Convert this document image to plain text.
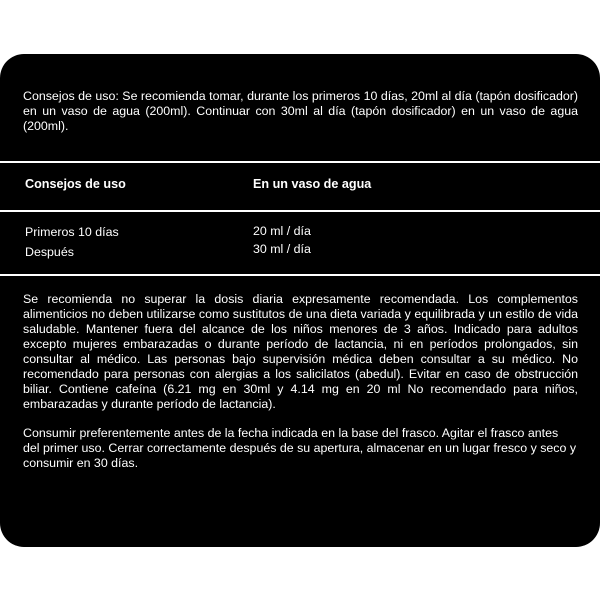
Consejos de uso: Se recomienda tomar, durante los primeros 10 días, 20ml al día (tapón dosificador) en un vaso de agua (200ml). Continuar con 30ml al día (tapón dosificador) en un vaso de agua (200ml).

Consejos de uso	En un vaso de agua

Primeros 10 días	20 ml / día

Después	30 ml / día

Se recomienda no superar la dosis diaria expresamente recomendada. Los complementos alimenticios no deben utilizarse como sustitutos de una dieta variada y equilibrada y un estilo de vida saludable. Mantener fuera del alcance de los niños menores de 3 años. Indicado para adultos excepto mujeres embarazadas o durante período de lactancia, ni en períodos prolongados, sin consultar al médico. Las personas bajo supervisión médica deben consultar a su médico. No recomendado para personas con alergias a los salicilatos (abedul). Evitar en caso de obstrucción biliar. Contiene cafeína (6.21 mg en 30ml y 4.14 mg en 20 ml No recomendado para niños, embarazadas y durante período de lactancia).

Consumir preferentemente antes de la fecha indicada en la base del frasco. Agitar el frasco antes del primer uso. Cerrar correctamente después de su apertura, almacenar en un lugar fresco y seco y consumir en 30 días.
